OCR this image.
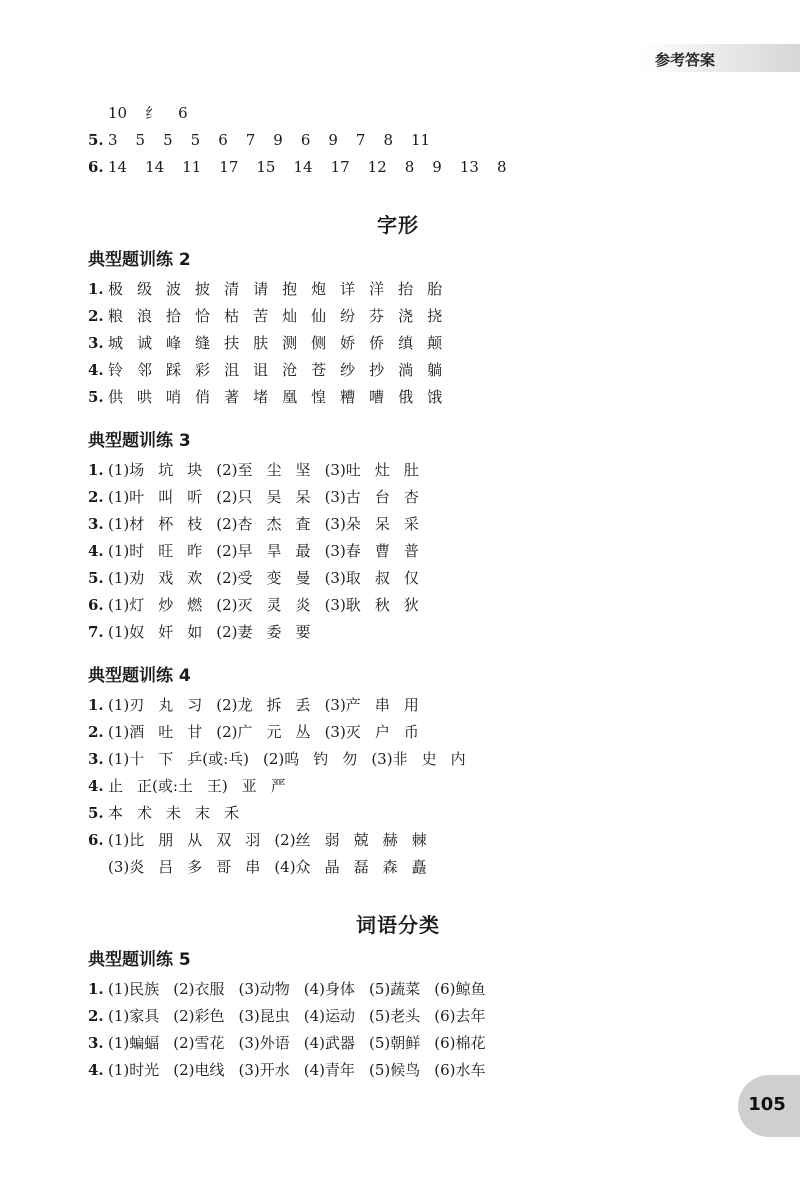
参考答案
10 纟 6
5. 3 5 5 5 6 7 9 6 9 7 8 11
6. 14 14 11 17 15 14 17 12 8 9 13 8
字形
典型题训练 2
1. 极 级 波 披 清 请 抱 炮 详 洋 抬 胎
2. 粮 浪 拾 恰 枯 苦 灿 仙 纷 芬 浇 挠
3. 城 诚 峰 缝 扶 肤 测 侧 娇 侨 缜 颠
4. 铃 邻 踩 彩 沮 诅 沧 苍 纱 抄 淌 躺
5. 供 哄 哨 俏 著 堵 凰 惶 糟 嘈 俄 饿
典型题训练 3
1. (1)场 坑 块 (2)至 尘 坚 (3)吐 灶 肚
2. (1)叶 叫 听 (2)只 吴 呆 (3)古 台 杏
3. (1)材 杯 枝 (2)杏 杰 査 (3)朵 呆 采
4. (1)时 旺 昨 (2)早 旱 最 (3)春 曹 普
5. (1)劝 戏 欢 (2)受 变 曼 (3)取 叔 仅
6. (1)灯 炒 燃 (2)灭 灵 炎 (3)耿 秋 狄
7. (1)奴 奸 如 (2)妻 委 要
典型题训练 4
1. (1)刃 丸 习 (2)龙 拆 丢 (3)产 串 用
2. (1)酒 吐 甘 (2)广 元 丛 (3)灭 户 币
3. (1)十 下 乒(或:乓) (2)呜 钓 勿 (3)非 史 内
4. 止 正(或:土 王) 亚 严
5. 本 术 未 末 禾
6. (1)比 朋 从 双 羽 (2)丝 弱 兢 赫 棘
(3)炎 吕 多 哥 串 (4)众 晶 磊 森 矗
词语分类
典型题训练 5
1. (1)民族 (2)衣服 (3)动物 (4)身体 (5)蔬菜 (6)鲸鱼
2. (1)家具 (2)彩色 (3)昆虫 (4)运动 (5)老头 (6)去年
3. (1)蝙蝠 (2)雪花 (3)外语 (4)武器 (5)朝鲜 (6)棉花
4. (1)时光 (2)电线 (3)开水 (4)青年 (5)候鸟 (6)水车
105
